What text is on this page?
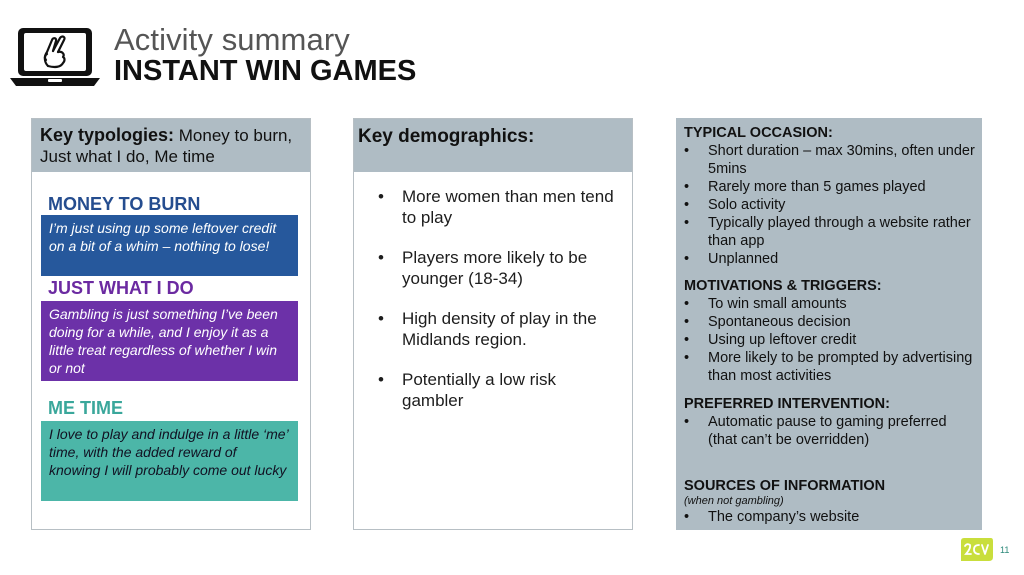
Activity summary
INSTANT WIN GAMES
Key typologies: Money to burn, Just what I do, Me time
MONEY TO BURN
I’m just using up some leftover credit on a bit of a whim – nothing to lose!
JUST WHAT I DO
Gambling is just something I’ve been doing for a while, and I enjoy it as a little treat regardless of whether I win or not
ME TIME
I love to play and indulge in a little ‘me’ time, with the added reward of knowing I will probably come out lucky
Key demographics:
• More women than men tend to play
• Players more likely to be younger (18-34)
• High density of play in the Midlands region.
• Potentially a low risk gambler
TYPICAL OCCASION:
• Short duration – max 30mins, often under 5mins
• Rarely more than 5 games played
• Solo activity
• Typically played through a website rather than app
• Unplanned
MOTIVATIONS & TRIGGERS:
• To win small amounts
• Spontaneous decision
• Using up leftover credit
• More likely to be prompted by advertising than most activities
PREFERRED INTERVENTION:
• Automatic pause to gaming preferred (that can’t be overridden)
SOURCES OF INFORMATION
(when not gambling)
• The company’s website
11
